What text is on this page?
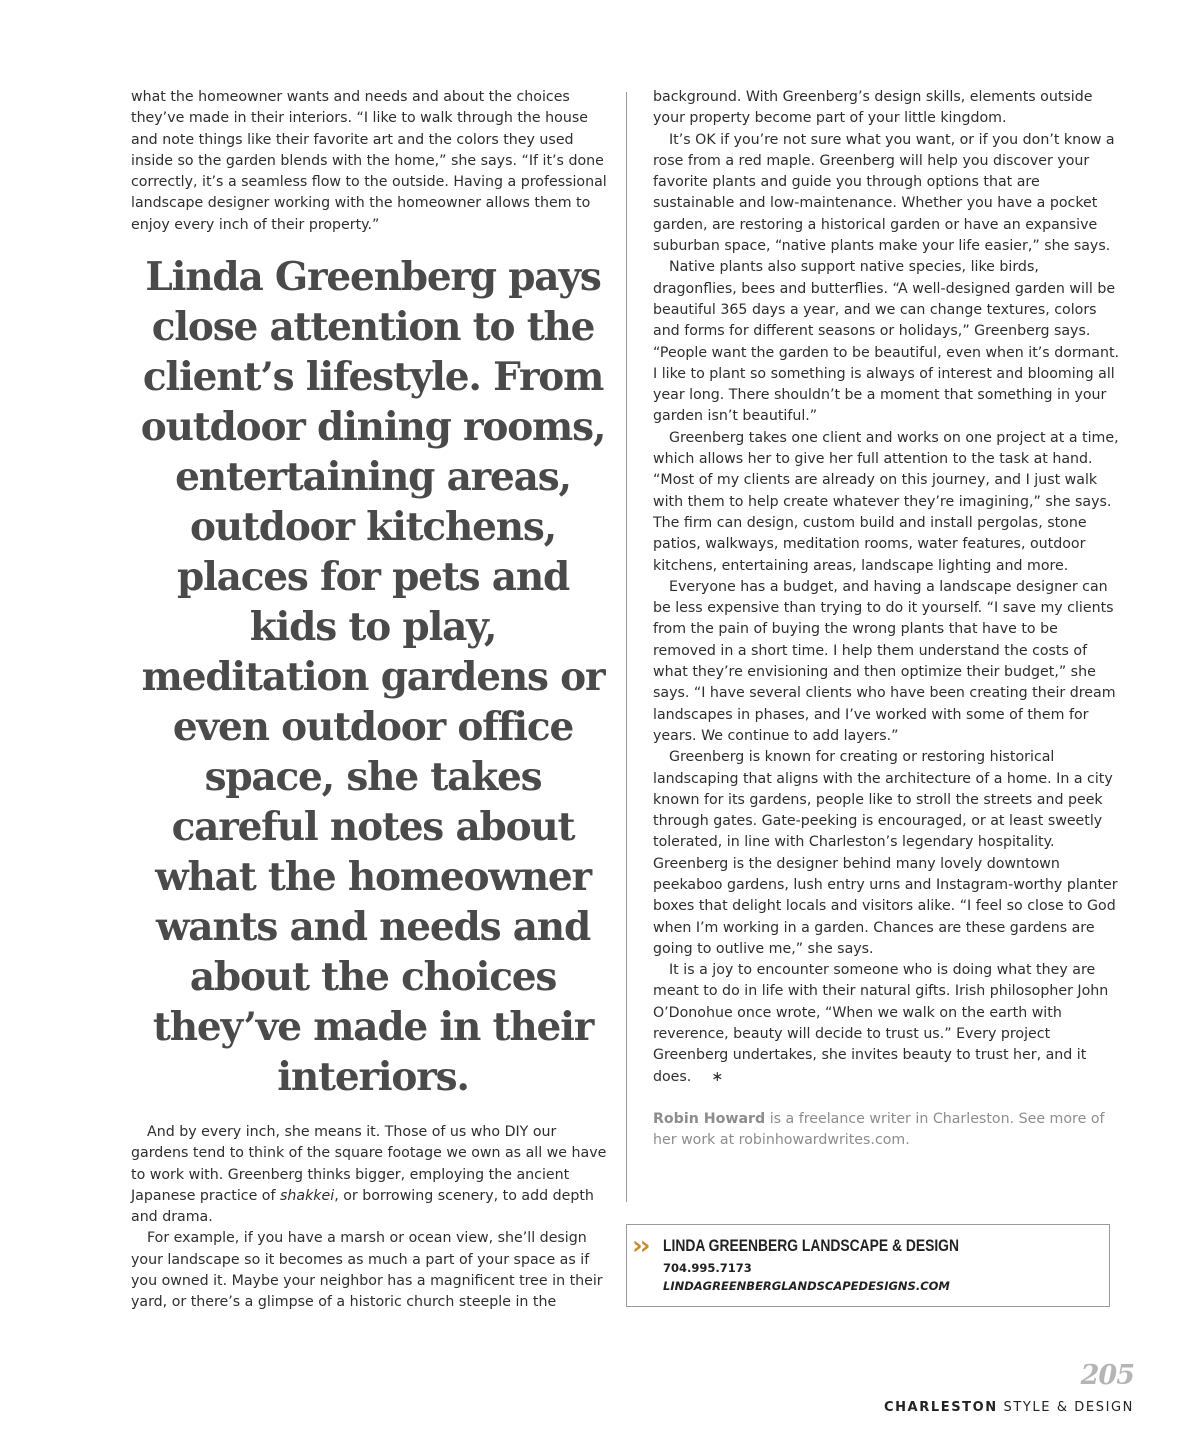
what the homeowner wants and needs and about the choices they’ve made in their interiors. “I like to walk through the house and note things like their favorite art and the colors they used inside so the garden blends with the home,” she says. “If it’s done correctly, it’s a seamless flow to the outside. Having a professional landscape designer working with the homeowner allows them to enjoy every inch of their property.”

Linda Greenberg pays close attention to the client’s lifestyle. From outdoor dining rooms, entertaining areas, outdoor kitchens, places for pets and kids to play, meditation gardens or even outdoor office space, she takes careful notes about what the homeowner wants and needs and about the choices they’ve made in their interiors.

And by every inch, she means it. Those of us who DIY our gardens tend to think of the square footage we own as all we have to work with. Greenberg thinks bigger, employing the ancient Japanese practice of shakkei, or borrowing scenery, to add depth and drama.

For example, if you have a marsh or ocean view, she’ll design your landscape so it becomes as much a part of your space as if you owned it. Maybe your neighbor has a magnificent tree in their yard, or there’s a glimpse of a historic church steeple in the

background. With Greenberg’s design skills, elements outside your property become part of your little kingdom.

It’s OK if you’re not sure what you want, or if you don’t know a rose from a red maple. Greenberg will help you discover your favorite plants and guide you through options that are sustainable and low-maintenance. Whether you have a pocket garden, are restoring a historical garden or have an expansive suburban space, “native plants make your life easier,” she says.

Native plants also support native species, like birds, dragonflies, bees and butterflies. “A well-designed garden will be beautiful 365 days a year, and we can change textures, colors and forms for different seasons or holidays,” Greenberg says. “People want the garden to be beautiful, even when it’s dormant. I like to plant so something is always of interest and blooming all year long. There shouldn’t be a moment that something in your garden isn’t beautiful.”

Greenberg takes one client and works on one project at a time, which allows her to give her full attention to the task at hand. “Most of my clients are already on this journey, and I just walk with them to help create whatever they’re imagining,” she says. The firm can design, custom build and install pergolas, stone patios, walkways, meditation rooms, water features, outdoor kitchens, entertaining areas, landscape lighting and more.

Everyone has a budget, and having a landscape designer can be less expensive than trying to do it yourself. “I save my clients from the pain of buying the wrong plants that have to be removed in a short time. I help them understand the costs of what they’re envisioning and then optimize their budget,” she says. “I have several clients who have been creating their dream landscapes in phases, and I’ve worked with some of them for years. We continue to add layers.”

Greenberg is known for creating or restoring historical landscaping that aligns with the architecture of a home. In a city known for its gardens, people like to stroll the streets and peek through gates. Gate-peeking is encouraged, or at least sweetly tolerated, in line with Charleston’s legendary hospitality. Greenberg is the designer behind many lovely downtown peekaboo gardens, lush entry urns and Instagram-worthy planter boxes that delight locals and visitors alike. “I feel so close to God when I’m working in a garden. Chances are these gardens are going to outlive me,” she says.

It is a joy to encounter someone who is doing what they are meant to do in life with their natural gifts. Irish philosopher John O’Donohue once wrote, “When we walk on the earth with reverence, beauty will decide to trust us.” Every project Greenberg undertakes, she invites beauty to trust her, and it does. ∗

Robin Howard is a freelance writer in Charleston. See more of her work at robinhowardwrites.com.

›› LINDA GREENBERG LANDSCAPE & DESIGN
704.995.7173
LINDAGREENBERGLANDSCAPEDESIGNS.COM
205
CHARLESTON STYLE & DESIGN
